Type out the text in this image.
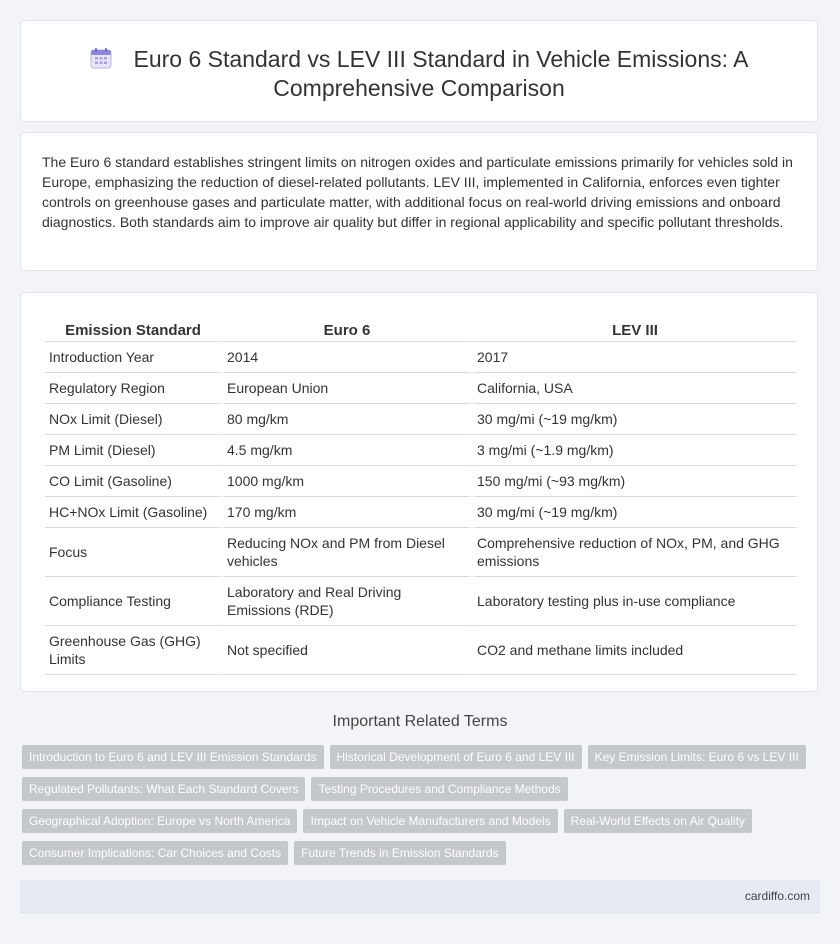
Euro 6 Standard vs LEV III Standard in Vehicle Emissions: A
Comprehensive Comparison
The Euro 6 standard establishes stringent limits on nitrogen oxides and particulate emissions primarily for vehicles sold in Europe, emphasizing the reduction of diesel-related pollutants. LEV III, implemented in California, enforces even tighter controls on greenhouse gases and particulate matter, with additional focus on real-world driving emissions and onboard diagnostics. Both standards aim to improve air quality but differ in regional applicability and specific pollutant thresholds.
Emission Standard	Euro 6	LEV III
Introduction Year	2014	2017
Regulatory Region	European Union	California, USA
NOx Limit (Diesel)	80 mg/km	30 mg/mi (~19 mg/km)
PM Limit (Diesel)	4.5 mg/km	3 mg/mi (~1.9 mg/km)
CO Limit (Gasoline)	1000 mg/km	150 mg/mi (~93 mg/km)
HC+NOx Limit (Gasoline)	170 mg/km	30 mg/mi (~19 mg/km)
Focus	Reducing NOx and PM from Diesel vehicles	Comprehensive reduction of NOx, PM, and GHG emissions
Compliance Testing	Laboratory and Real Driving Emissions (RDE)	Laboratory testing plus in-use compliance
Greenhouse Gas (GHG) Limits	Not specified	CO2 and methane limits included
Important Related Terms
Introduction to Euro 6 and LEV III Emission Standards	Historical Development of Euro 6 and LEV III	Key Emission Limits: Euro 6 vs LEV III
Regulated Pollutants: What Each Standard Covers	Testing Procedures and Compliance Methods
Geographical Adoption: Europe vs North America	Impact on Vehicle Manufacturers and Models	Real-World Effects on Air Quality
Consumer Implications: Car Choices and Costs	Future Trends in Emission Standards
cardiffo.com
